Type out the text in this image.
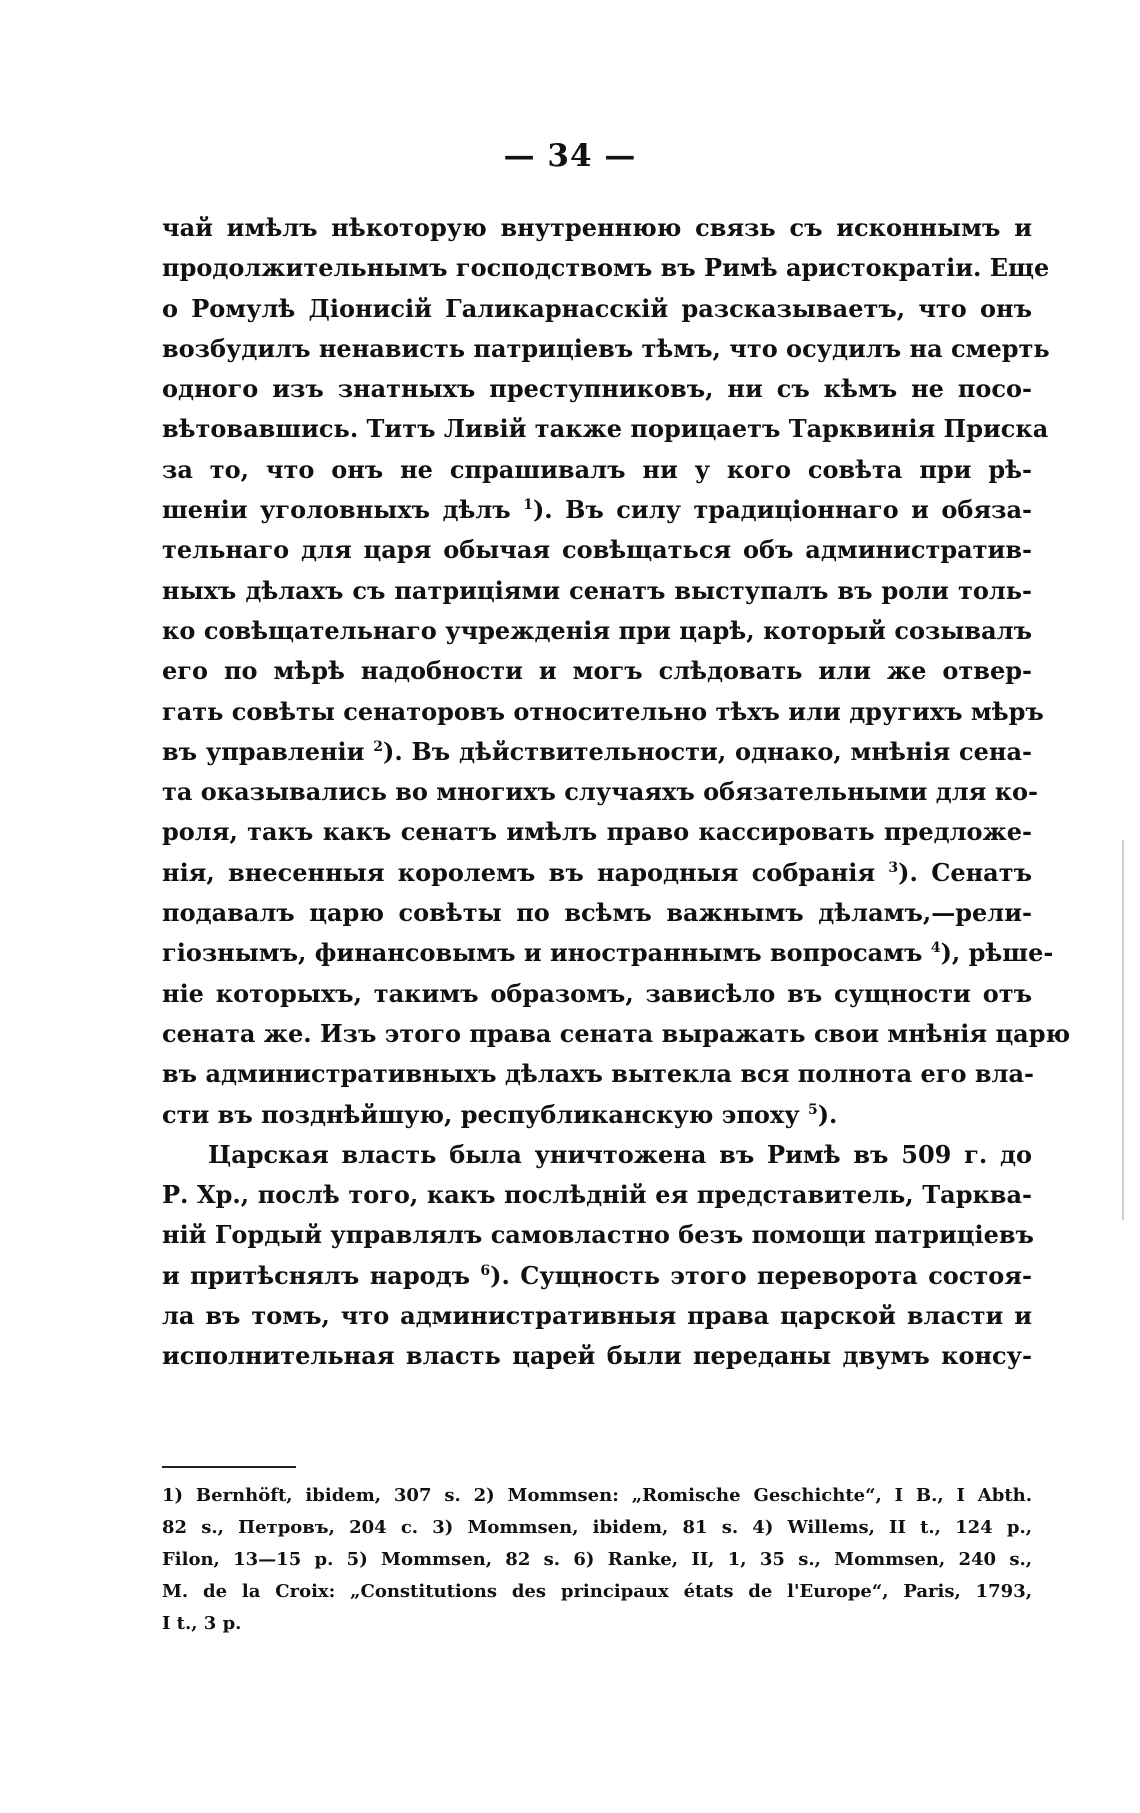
— 34 —
чай имѣлъ нѣкоторую внутреннюю связь съ исконнымъ и
продолжительнымъ господствомъ въ Римѣ аристократіи. Еще
о Ромулѣ Діонисій Галикарнасскій разсказываетъ, что онъ
возбудилъ ненависть патриціевъ тѣмъ, что осудилъ на смерть
одного изъ знатныхъ преступниковъ, ни съ кѣмъ не посо-
вѣтовавшись. Титъ Ливій также порицаетъ Тарквинія Приска
за то, что онъ не спрашивалъ ни у кого совѣта при рѣ-
шеніи уголовныхъ дѣлъ $^1$). Въ силу традиціоннаго и обяза-
тельнаго для царя обычая совѣщаться объ административ-
ныхъ дѣлахъ съ патриціями сенатъ выступалъ въ роли толь-
ко совѣщательнаго учрежденія при царѣ, который созывалъ
его по мѣрѣ надобности и могъ слѣдовать или же отвер-
гать совѣты сенаторовъ относительно тѣхъ или другихъ мѣръ
въ управленіи $^2$). Въ дѣйствительности, однако, мнѣнія сена-
та оказывались во многихъ случаяхъ обязательными для ко-
роля, такъ какъ сенатъ имѣлъ право кассировать предложе-
нія, внесенныя королемъ въ народныя собранія $^3$). Сенатъ
подавалъ царю совѣты по всѣмъ важнымъ дѣламъ,—рели-
гіознымъ, финансовымъ и иностраннымъ вопросамъ $^4$), рѣше-
ніе которыхъ, такимъ образомъ, зависѣло въ сущности отъ
сената же. Изъ этого права сената выражать свои мнѣнія царю
въ административныхъ дѣлахъ вытекла вся полнота его вла-
сти въ позднѣйшую, республиканскую эпоху $^5$).
Царская власть была уничтожена въ Римѣ въ 509 г. до
Р. Хр., послѣ того, какъ послѣдній ея представитель, Тарква-
ній Гордый управлялъ самовластно безъ помощи патриціевъ
и притѣснялъ народъ $^6$). Сущность этого переворота состоя-
ла въ томъ, что административныя права царской власти и
исполнительная власть царей были переданы двумъ консу-
1) Bernhöft, ibidem, 307 s. 2) Mommsen: „Romische Geschichte“, I B., I Abth.
82 s., Петровъ, 204 с. 3) Mommsen, ibidem, 81 s. 4) Willems, II t., 124 p.,
Filon, 13—15 p. 5) Mommsen, 82 s. 6) Ranke, II, 1, 35 s., Mommsen, 240 s.,
M. de la Croix: „Constitutions des principaux états de l'Europe“, Paris, 1793,
I t., 3 p.
